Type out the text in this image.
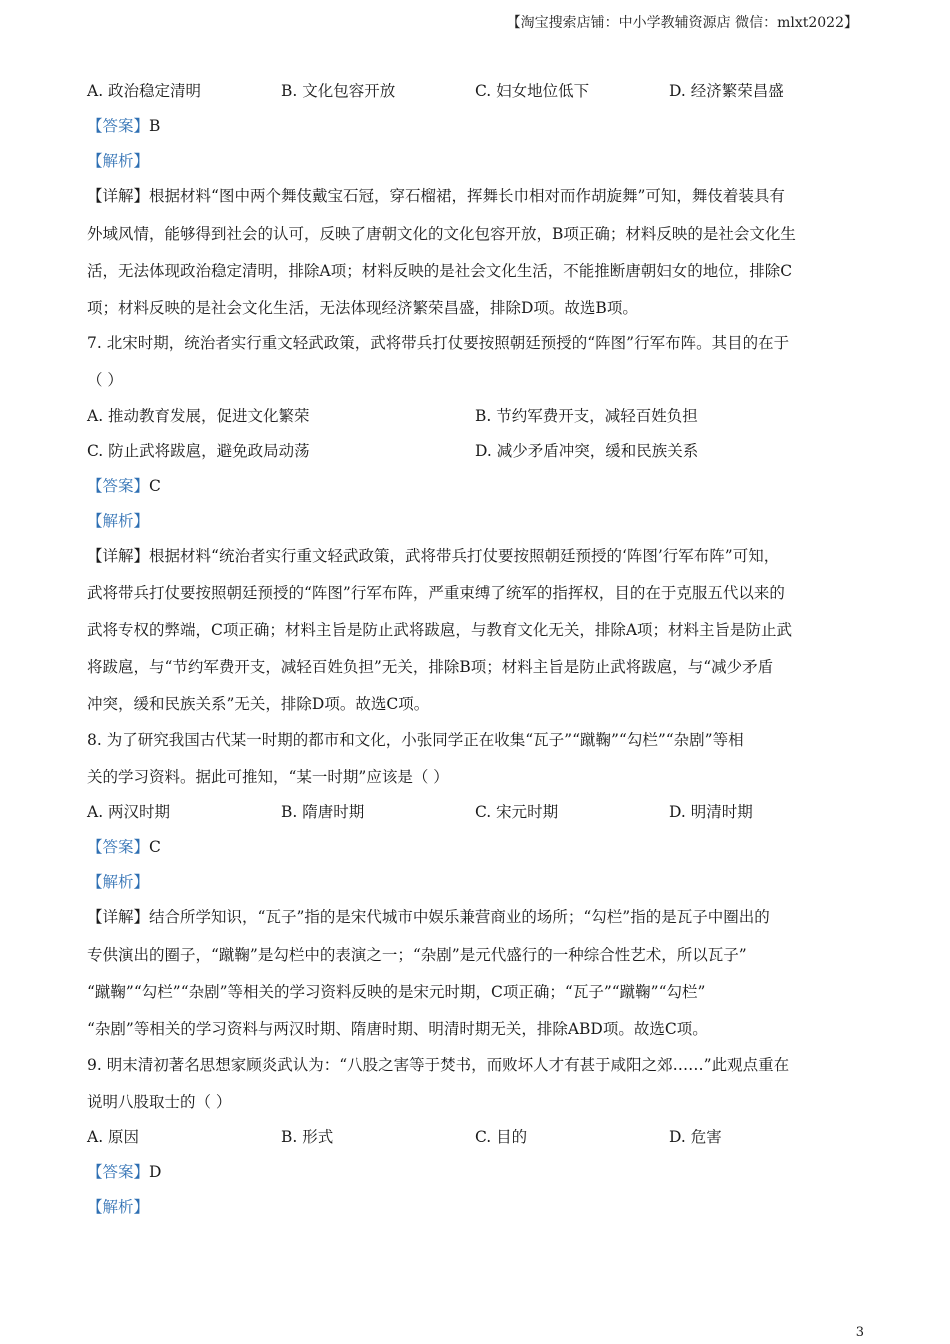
【淘宝搜索店铺：中小学教辅资源店 微信：mlxt2022】
A. 政治稳定清明	B. 文化包容开放	C. 妇女地位低下	D. 经济繁荣昌盛
【答案】B
【解析】
【详解】根据材料“图中两个舞伎戴宝石冠，穿石榴裙，挥舞长巾相对而作胡旋舞”可知，舞伎着装具有
外域风情，能够得到社会的认可，反映了唐朝文化的文化包容开放，B项正确；材料反映的是社会文化生
活，无法体现政治稳定清明，排除A项；材料反映的是社会文化生活，不能推断唐朝妇女的地位，排除C
项；材料反映的是社会文化生活，无法体现经济繁荣昌盛，排除D项。故选B项。
7. 北宋时期，统治者实行重文轻武政策，武将带兵打仗要按照朝廷预授的“阵图”行军布阵。其目的在于
（ ）
A. 推动教育发展，促进文化繁荣	B. 节约军费开支，减轻百姓负担
C. 防止武将跋扈，避免政局动荡	D. 减少矛盾冲突，缓和民族关系
【答案】C
【解析】
【详解】根据材料“统治者实行重文轻武政策，武将带兵打仗要按照朝廷预授的‘阵图’行军布阵”可知，
武将带兵打仗要按照朝廷预授的“阵图”行军布阵，严重束缚了统军的指挥权，目的在于克服五代以来的
武将专权的弊端，C项正确；材料主旨是防止武将跋扈，与教育文化无关，排除A项；材料主旨是防止武
将跋扈，与“节约军费开支，减轻百姓负担”无关，排除B项；材料主旨是防止武将跋扈，与“减少矛盾
冲突，缓和民族关系”无关，排除D项。故选C项。
8. 为了研究我国古代某一时期的都市和文化，小张同学正在收集“瓦子”“蹴鞠”“勾栏”“杂剧”等相
关的学习资料。据此可推知，“某一时期”应该是（ ）
A. 两汉时期	B. 隋唐时期	C. 宋元时期	D. 明清时期
【答案】C
【解析】
【详解】结合所学知识，“瓦子”指的是宋代城市中娱乐兼营商业的场所；“勾栏”指的是瓦子中圈出的
专供演出的圈子，“蹴鞠”是勾栏中的表演之一；“杂剧”是元代盛行的一种综合性艺术，所以瓦子”
“蹴鞠”“勾栏”“杂剧”等相关的学习资料反映的是宋元时期，C项正确；“瓦子”“蹴鞠”“勾栏”
“杂剧”等相关的学习资料与两汉时期、隋唐时期、明清时期无关，排除ABD项。故选C项。
9. 明末清初著名思想家顾炎武认为：“八股之害等于焚书，而败坏人才有甚于咸阳之郊……”此观点重在
说明八股取士的（ ）
A. 原因	B. 形式	C. 目的	D. 危害
【答案】D
【解析】
3
